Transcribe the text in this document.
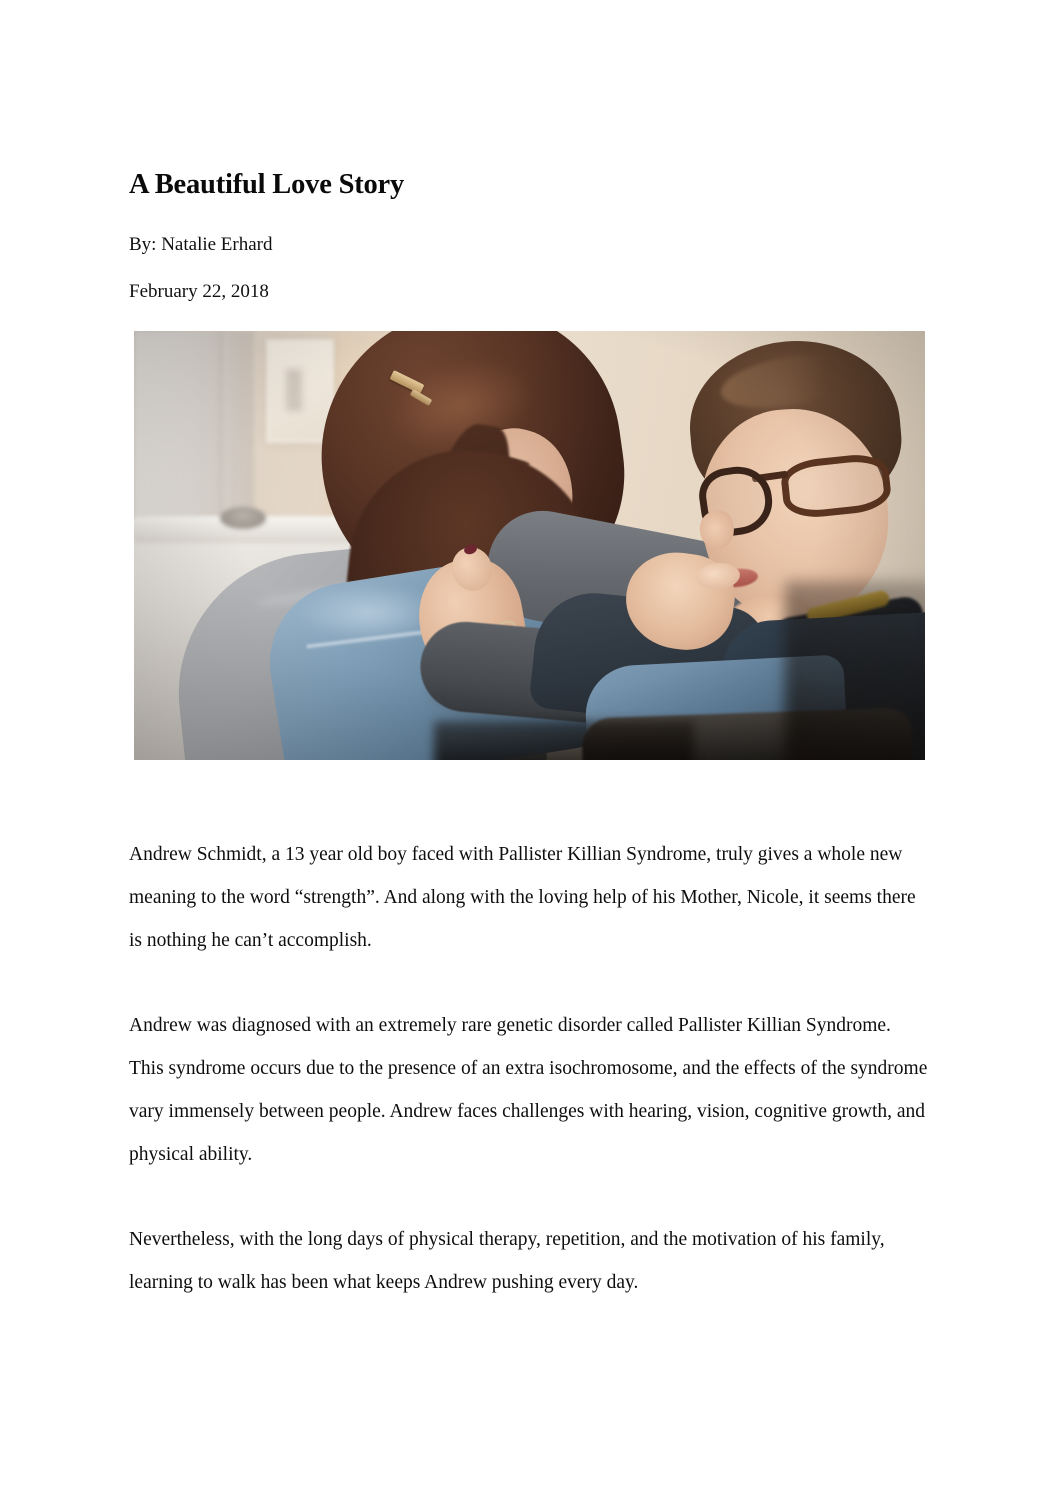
A Beautiful Love Story

By: Natalie Erhard

February 22, 2018

Andrew Schmidt, a 13 year old boy faced with Pallister Killian Syndrome, truly gives a whole new meaning to the word “strength”. And along with the loving help of his Mother, Nicole, it seems there is nothing he can’t accomplish.

Andrew was diagnosed with an extremely rare genetic disorder called Pallister Killian Syndrome. This syndrome occurs due to the presence of an extra isochromosome, and the effects of the syndrome vary immensely between people. Andrew faces challenges with hearing, vision, cognitive growth, and physical ability.

Nevertheless, with the long days of physical therapy, repetition, and the motivation of his family, learning to walk has been what keeps Andrew pushing every day.
